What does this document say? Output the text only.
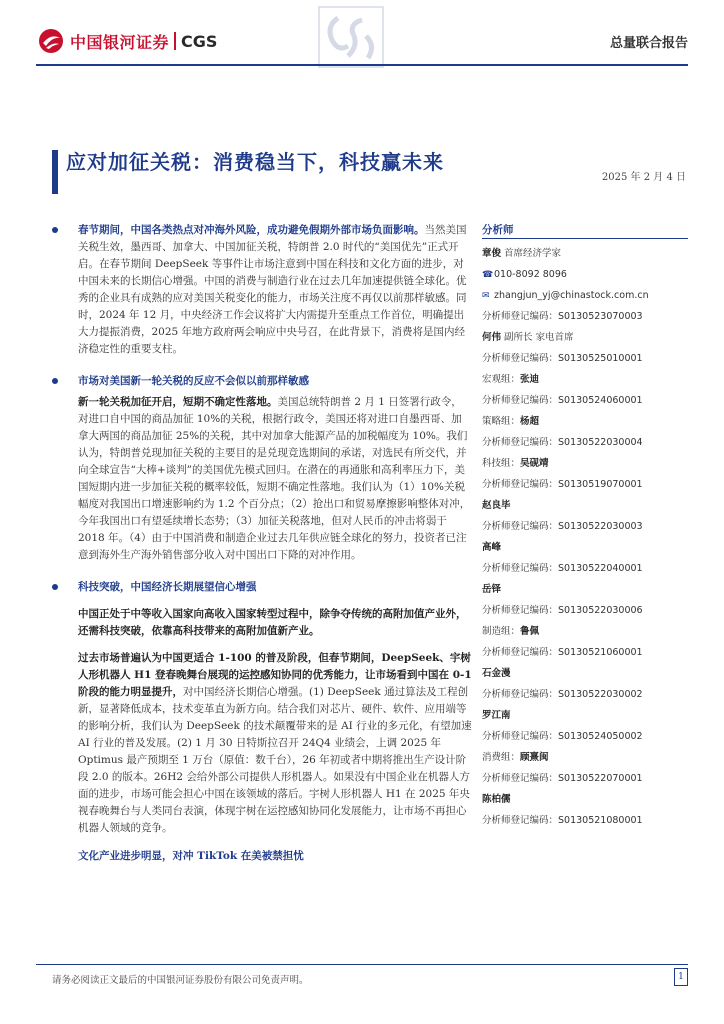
中国银河证券 CGS	总量联合报告
应对加征关税：消费稳当下，科技赢未来
2025 年 2 月 4 日
春节期间，中国各类热点对冲海外风险，成功避免假期外部市场负面影响。当然美国关税生效，墨西哥、加拿大、中国加征关税，特朗普 2.0 时代的“美国优先”正式开启。在春节期间 DeepSeek 等事件让市场注意到中国在科技和文化方面的进步，对中国未来的长期信心增强。中国的消费与制造行业在过去几年加速提供链全球化。优秀的企业具有成熟的应对美国关税变化的能力，市场关注度不再仅以前那样敏感。同时，2024 年 12 月，中央经济工作会议将扩大内需提升至重点工作首位，明确提出大力提振消费，2025 年地方政府两会响应中央号召，在此背景下，消费将是国内经济稳定性的重要支柱。
市场对美国新一轮关税的反应不会似以前那样敏感
新一轮关税加征开启，短期不确定性落地。美国总统特朗普 2 月 1 日签署行政令，对进口自中国的商品加征 10%的关税，根据行政令，美国还将对进口自墨西哥、加拿大两国的商品加征 25%的关税，其中对加拿大能源产品的加税幅度为 10%。我们认为，特朗普兑现加征关税的主要目的是兑现竞选期间的承诺，对选民有所交代，并向全球宣告“大棒+谈判”的美国优先模式回归。在潜在的再通胀和高利率压力下，美国短期内进一步加征关税的概率较低，短期不确定性落地。我们认为（1）10%关税幅度对我国出口增速影响约为 1.2 个百分点；（2）抢出口和贸易摩擦影响整体对冲，今年我国出口有望延续增长态势；（3）加征关税落地，但对人民币的冲击将弱于 2018 年。（4）由于中国消费和制造企业过去几年供应链全球化的努力，投资者已注意到海外生产海外销售部分收入对中国出口下降的对冲作用。
科技突破，中国经济长期展望信心增强
中国正处于中等收入国家向高收入国家转型过程中，除争夺传统的高附加值产业外，还需科技突破，依靠高科技带来的高附加值新产业。
过去市场普遍认为中国更适合 1-100 的普及阶段，但春节期间，DeepSeek、宇树人形机器人 H1 登春晚舞台展现的运控感知协同的优秀能力，让市场看到中国在 0-1 阶段的能力明显提升，对中国经济长期信心增强。(1) DeepSeek 通过算法及工程创新，显著降低成本，技术变革直为新方向。结合我们对芯片、硬件、软件、应用端等的影响分析，我们认为 DeepSeek 的技术颠覆带来的是 AI 行业的多元化，有望加速 AI 行业的普及发展。(2) 1 月 30 日特斯拉召开 24Q4 业绩会，上调 2025 年 Optimus 最产预期至 1 万台（原值：数千台），26 年初或者中期将推出生产设计阶段 2.0 的版本。26H2 会给外部公司提供人形机器人。如果没有中国企业在机器人方面的进步，市场可能会担心中国在该领域的落后。宇树人形机器人 H1 在 2025 年央视春晚舞台与人类同台表演，体现宇树在运控感知协同化发展能力，让市场不再担心机器人领域的竞争。
文化产业进步明显，对冲 TikTok 在美被禁担忧
分析师
章俊 首席经济学家
☎010-8092 8096
✉ zhangjun_yj@chinastock.com.cn
分析师登记编码：S0130523070003
何伟 副所长 家电首席
分析师登记编码：S0130525010001
宏观组：张迪
分析师登记编码：S0130524060001
策略组：杨超
分析师登记编码：S0130522030004
科技组：吴砚靖
分析师登记编码：S0130519070001
赵良毕
分析师登记编码：S0130522030003
高峰
分析师登记编码：S0130522040001
岳铎
分析师登记编码：S0130522030006
制造组：鲁佩
分析师登记编码：S0130521060001
石金漫
分析师登记编码：S0130522030002
罗江南
分析师登记编码：S0130524050002
消费组：顾熹闽
分析师登记编码：S0130522070001
陈柏儒
分析师登记编码：S0130521080001
请务必阅读正文最后的中国银河证券股份有限公司免责声明。	1
